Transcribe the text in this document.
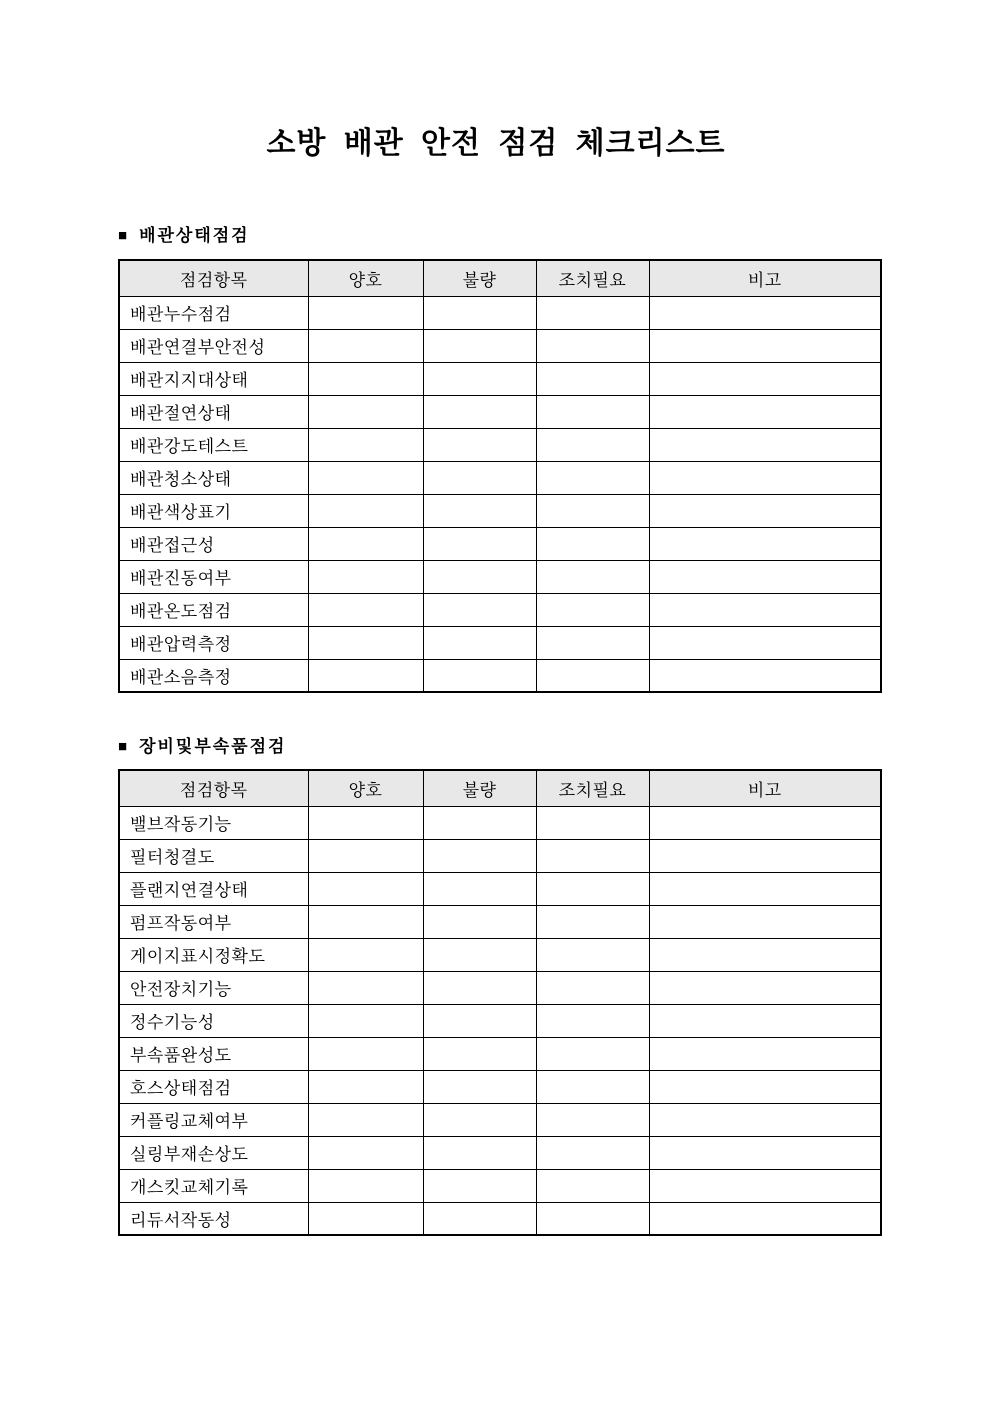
소방 배관 안전 점검 체크리스트
■ 배관상태점검
점검항목	양호	불량	조치필요	비고
배관누수점검				
배관연결부안전성				
배관지지대상태				
배관절연상태				
배관강도테스트				
배관청소상태				
배관색상표기				
배관접근성				
배관진동여부				
배관온도점검				
배관압력측정				
배관소음측정				
■ 장비및부속품점검
점검항목	양호	불량	조치필요	비고
밸브작동기능				
필터청결도				
플랜지연결상태				
펌프작동여부				
게이지표시정확도				
안전장치기능				
정수기능성				
부속품완성도				
호스상태점검				
커플링교체여부				
실링부재손상도				
개스킷교체기록				
리듀서작동성				
